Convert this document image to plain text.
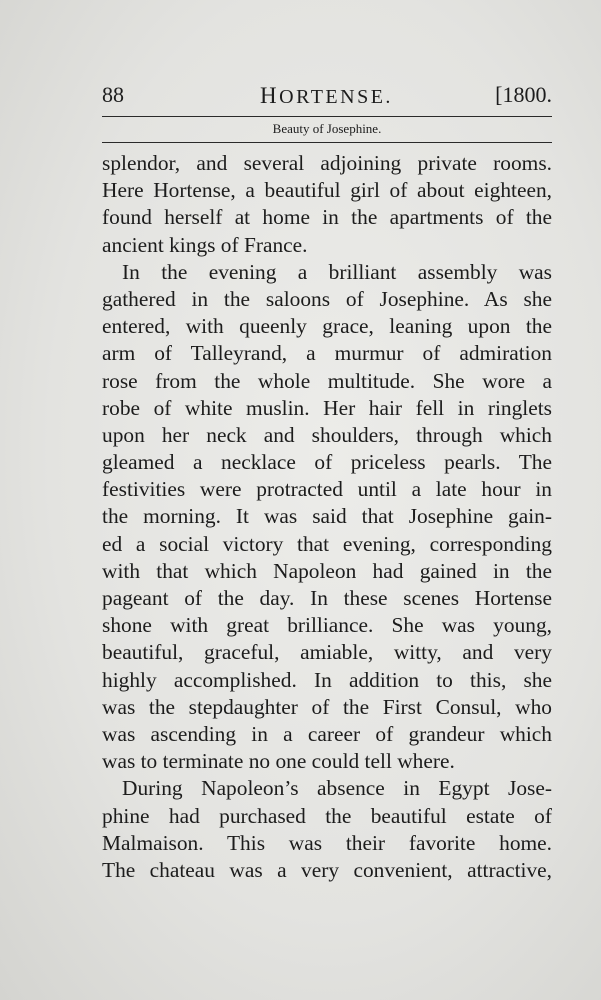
88	HORTENSE.	[1800.
Beauty of Josephine.
splendor, and several adjoining private rooms.
Here Hortense, a beautiful girl of about eighteen,
found herself at home in the apartments of the
ancient kings of France.
In the evening a brilliant assembly was
gathered in the saloons of Josephine. As she
entered, with queenly grace, leaning upon the
arm of Talleyrand, a murmur of admiration
rose from the whole multitude. She wore a
robe of white muslin. Her hair fell in ringlets
upon her neck and shoulders, through which
gleamed a necklace of priceless pearls. The
festivities were protracted until a late hour in
the morning. It was said that Josephine gain-
ed a social victory that evening, corresponding
with that which Napoleon had gained in the
pageant of the day. In these scenes Hortense
shone with great brilliance. She was young,
beautiful, graceful, amiable, witty, and very
highly accomplished. In addition to this, she
was the stepdaughter of the First Consul, who
was ascending in a career of grandeur which
was to terminate no one could tell where.
During Napoleon’s absence in Egypt Jose-
phine had purchased the beautiful estate of
Malmaison. This was their favorite home.
The chateau was a very convenient, attractive,
